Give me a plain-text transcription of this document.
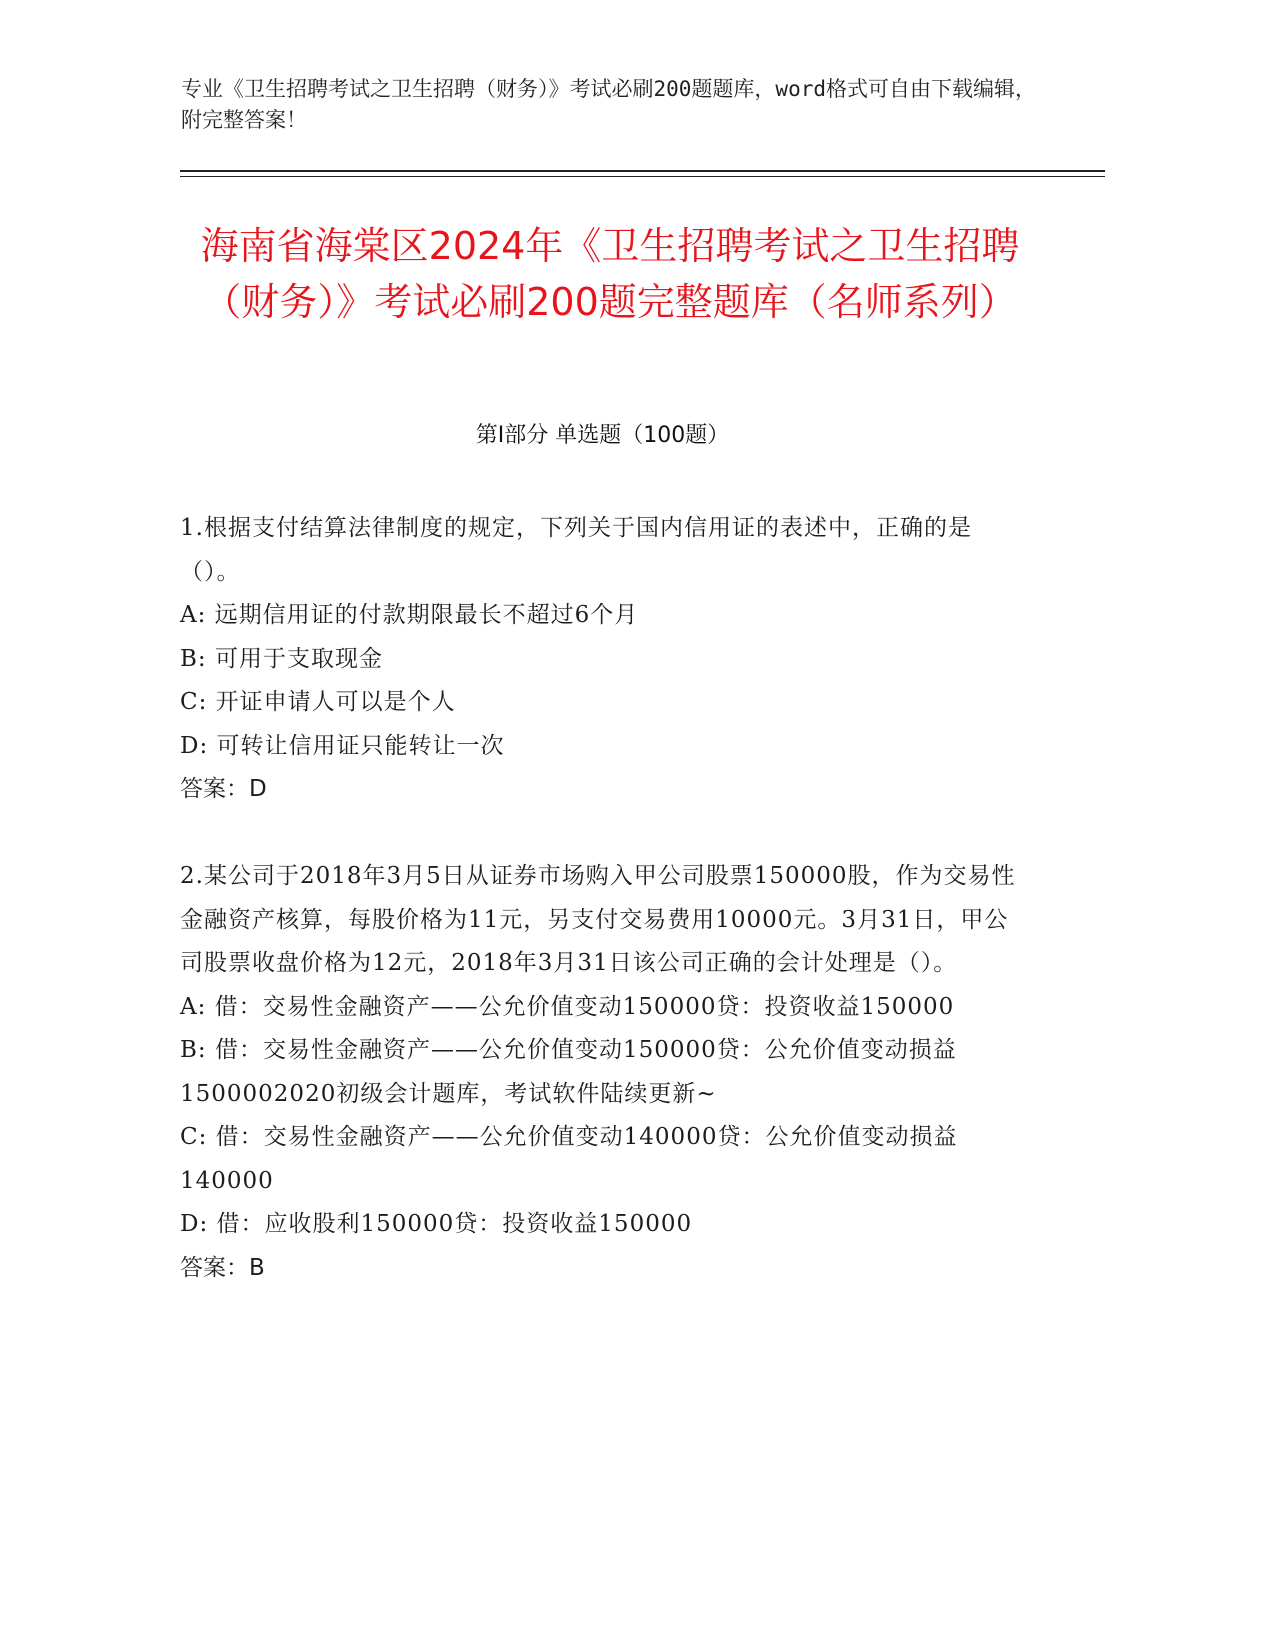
专业《卫生招聘考试之卫生招聘（财务）》考试必刷200题题库，word格式可自由下载编辑，附完整答案！
海南省海棠区2024年《卫生招聘考试之卫生招聘（财务）》考试必刷200题完整题库（名师系列）
第I部分 单选题（100题）

1.根据支付结算法律制度的规定，下列关于国内信用证的表述中，正确的是（）。

A: 远期信用证的付款期限最长不超过6个月

B: 可用于支取现金

C: 开证申请人可以是个人

D: 可转让信用证只能转让一次

答案：D

2.某公司于2018年3月5日从证券市场购入甲公司股票150000股，作为交易性金融资产核算，每股价格为11元，另支付交易费用10000元。3月31日，甲公司股票收盘价格为12元，2018年3月31日该公司正确的会计处理是（）。

A: 借：交易性金融资产——公允价值变动150000贷：投资收益150000

B: 借：交易性金融资产——公允价值变动150000贷：公允价值变动损益1500002020初级会计题库，考试软件陆续更新~

C: 借：交易性金融资产——公允价值变动140000贷：公允价值变动损益140000

D: 借：应收股利150000贷：投资收益150000

答案：B
